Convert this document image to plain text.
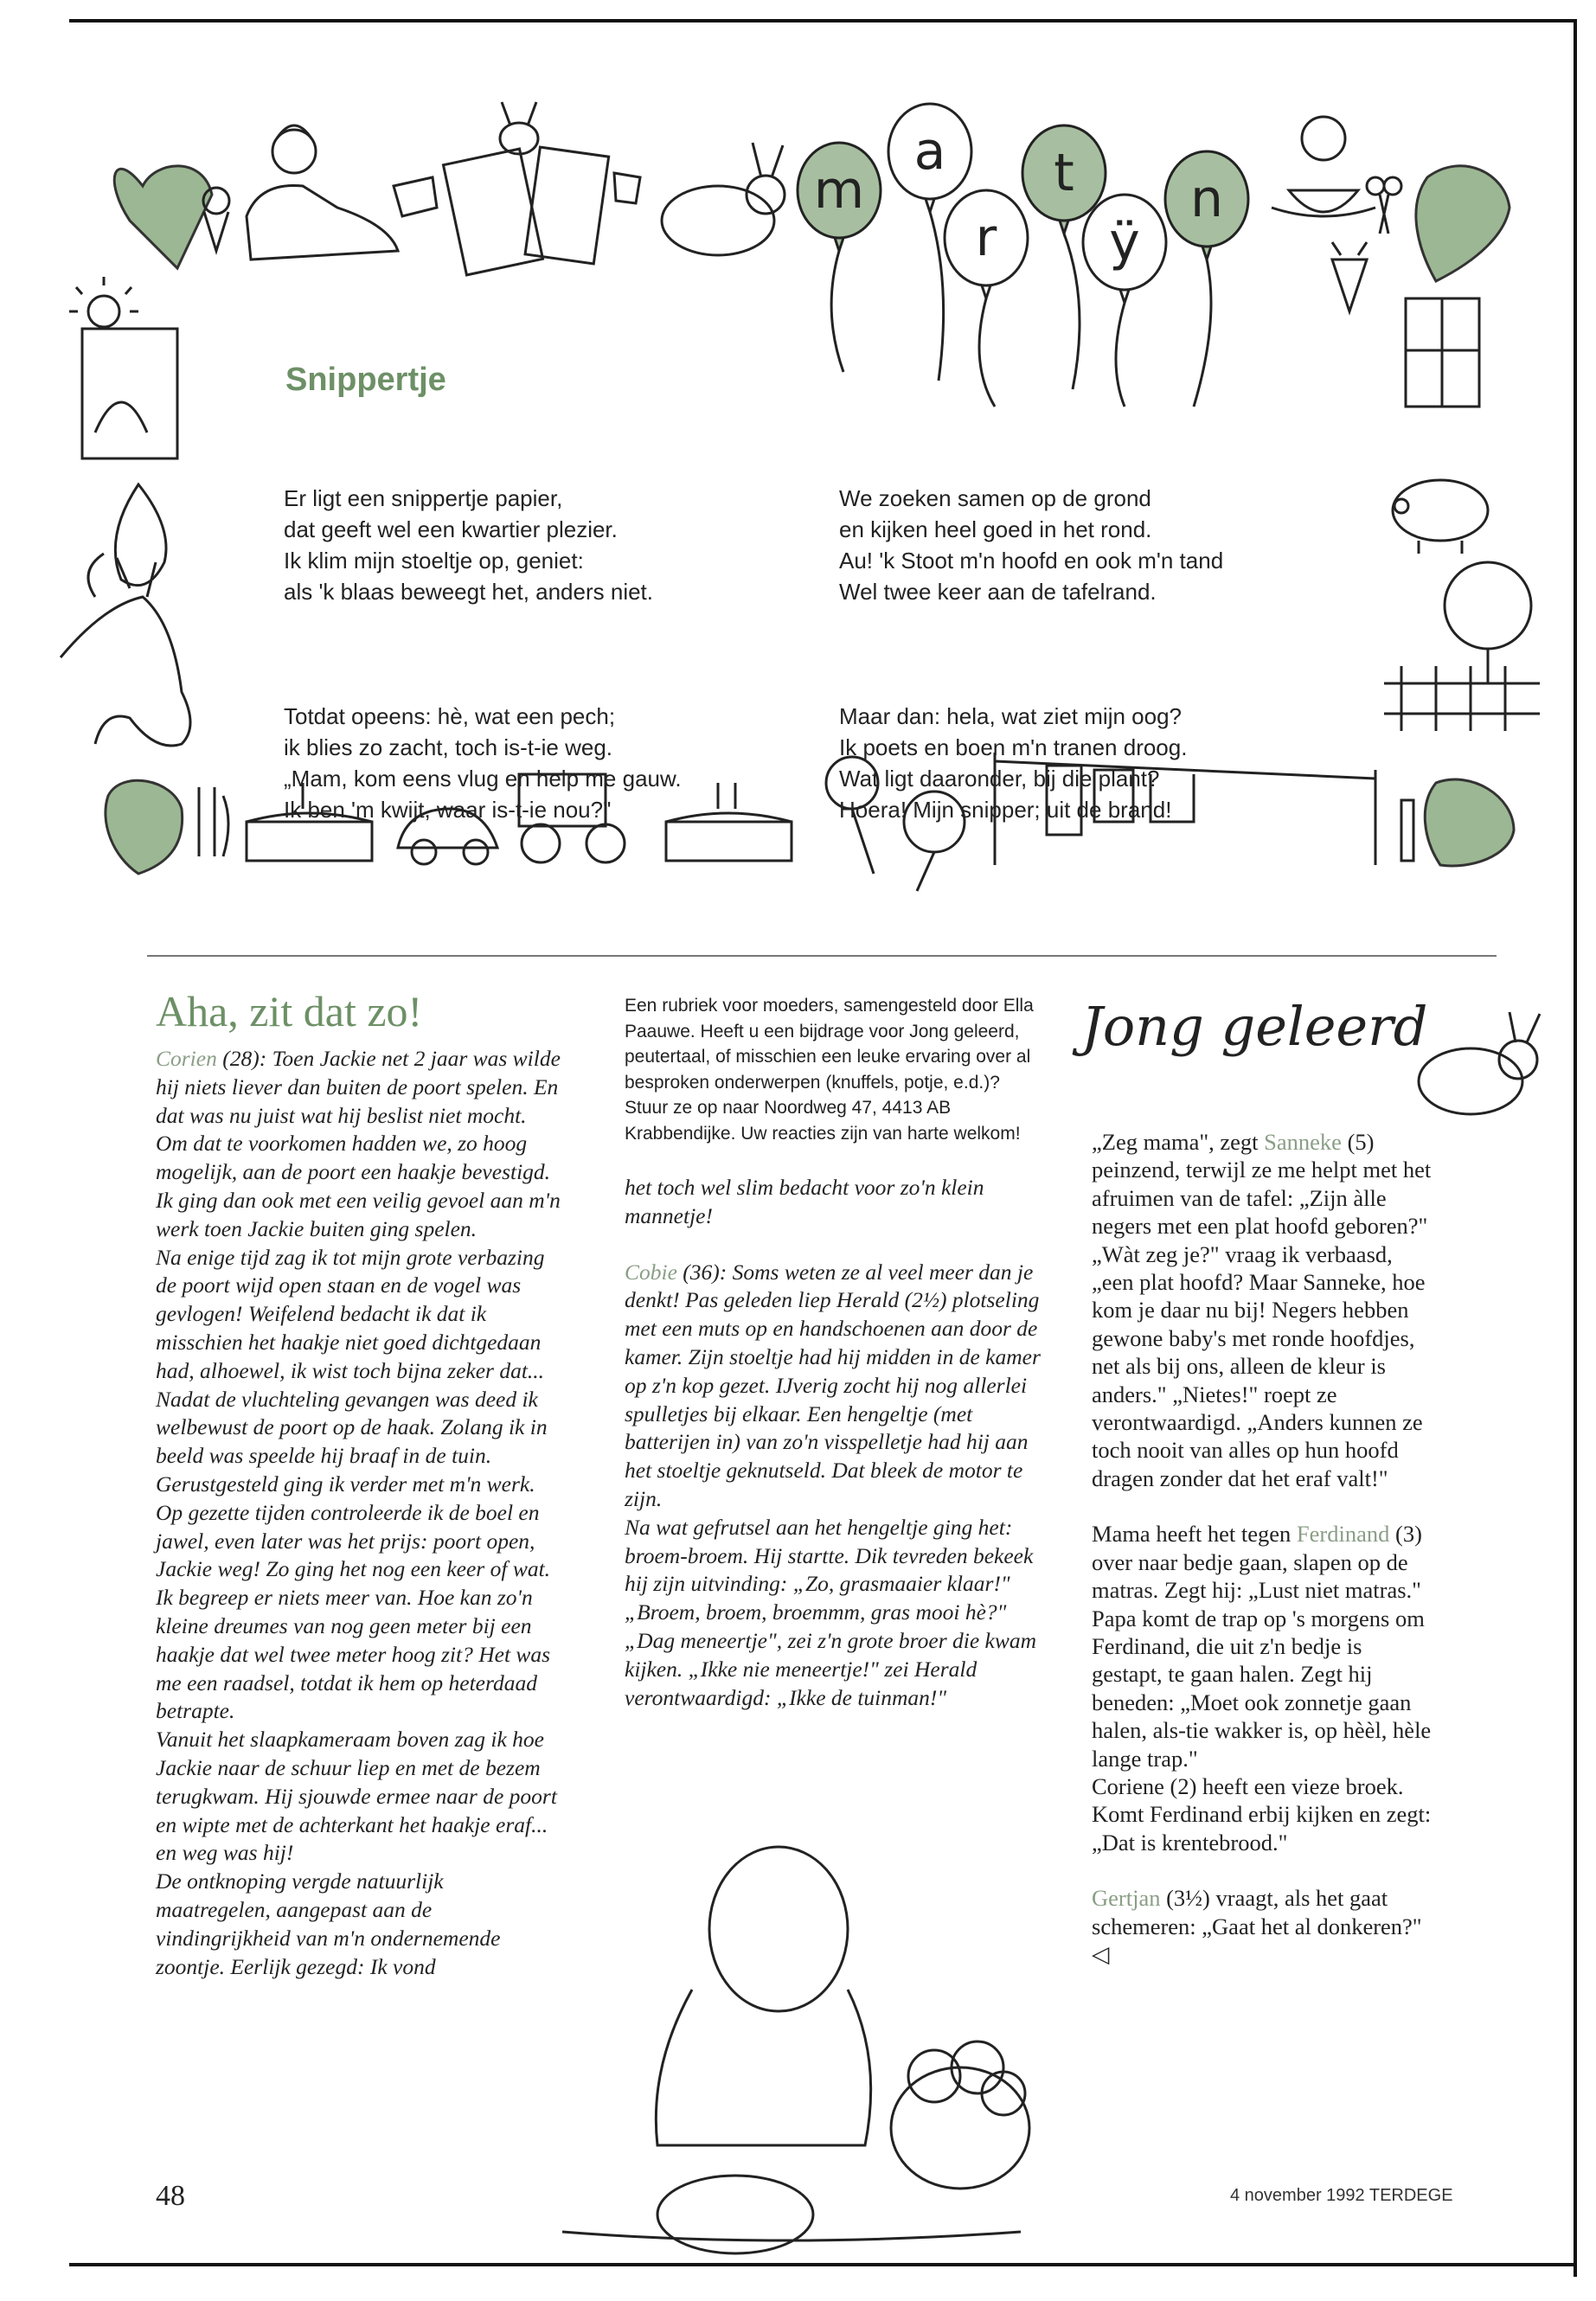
m
a
r
t
ÿ
n
Snippertje

Er ligt een snippertje papier,
dat geeft wel een kwartier plezier.
Ik klim mijn stoeltje op, geniet:
als 'k blaas beweegt het, anders niet.

Totdat opeens: hè, wat een pech;
ik blies zo zacht, toch is-t-ie weg.
„Mam, kom eens vlug en help me gauw.
Ik ben 'm kwijt, waar is-t-ie nou?"

We zoeken samen op de grond
en kijken heel goed in het rond.
Au! 'k Stoot m'n hoofd en ook m'n tand
Wel twee keer aan de tafelrand.

Maar dan: hela, wat ziet mijn oog?
Ik poets en boen m'n tranen droog.
Wat ligt daaronder, bij die plant?
Hoera! Mijn snipper; uit de brand!

Aha, zit dat zo!

Corien (28): Toen Jackie net 2 jaar was wilde hij niets liever dan buiten de poort spelen. En dat was nu juist wat hij beslist niet mocht. Om dat te voorkomen hadden we, zo hoog mogelijk, aan de poort een haakje bevestigd. Ik ging dan ook met een veilig gevoel aan m'n werk toen Jackie buiten ging spelen.

Na enige tijd zag ik tot mijn grote verbazing de poort wijd open staan en de vogel was gevlogen! Weifelend bedacht ik dat ik misschien het haakje niet goed dichtgedaan had, alhoewel, ik wist toch bijna zeker dat... Nadat de vluchteling gevangen was deed ik welbewust de poort op de haak. Zolang ik in beeld was speelde hij braaf in de tuin. Gerustgesteld ging ik verder met m'n werk. Op gezette tijden controleerde ik de boel en jawel, even later was het prijs: poort open, Jackie weg! Zo ging het nog een keer of wat. Ik begreep er niets meer van. Hoe kan zo'n kleine dreumes van nog geen meter bij een haakje dat wel twee meter hoog zit? Het was me een raadsel, totdat ik hem op heterdaad betrapte.

Vanuit het slaapkameraam boven zag ik hoe Jackie naar de schuur liep en met de bezem terugkwam. Hij sjouwde ermee naar de poort en wipte met de achterkant het haakje eraf... en weg was hij!

De ontknoping vergde natuurlijk maatregelen, aangepast aan de vindingrijkheid van m'n ondernemende zoontje. Eerlijk gezegd: Ik vond

Een rubriek voor moeders, samengesteld door Ella Paauwe. Heeft u een bijdrage voor Jong geleerd, peutertaal, of misschien een leuke ervaring over al besproken onderwerpen (knuffels, potje, e.d.)? Stuur ze op naar Noordweg 47, 4413 AB Krabbendijke. Uw reacties zijn van harte welkom!

het toch wel slim bedacht voor zo'n klein mannetje!

Cobie (36): Soms weten ze al veel meer dan je denkt! Pas geleden liep Herald (2½) plotseling met een muts op en handschoenen aan door de kamer. Zijn stoeltje had hij midden in de kamer op z'n kop gezet. IJverig zocht hij nog allerlei spulletjes bij elkaar. Een hengeltje (met batterijen in) van zo'n visspelletje had hij aan het stoeltje geknutseld. Dat bleek de motor te zijn.

Na wat gefrutsel aan het hengeltje ging het: broem-broem. Hij startte. Dik tevreden bekeek hij zijn uitvinding: „Zo, grasmaaier klaar!"

„Broem, broem, broemmm, gras mooi hè?"

„Dag meneertje", zei z'n grote broer die kwam kijken. „Ikke nie meneertje!" zei Herald verontwaardigd: „Ikke de tuinman!"

Jong geleerd

„Zeg mama", zegt Sanneke (5) peinzend, terwijl ze me helpt met het afruimen van de tafel: „Zijn àlle negers met een plat hoofd geboren?"

„Wàt zeg je?" vraag ik verbaasd, „een plat hoofd? Maar Sanneke, hoe kom je daar nu bij! Negers hebben gewone baby's met ronde hoofdjes, net als bij ons, alleen de kleur is anders." „Nietes!" roept ze verontwaardigd. „Anders kunnen ze toch nooit van alles op hun hoofd dragen zonder dat het eraf valt!"

Mama heeft het tegen Ferdinand (3) over naar bedje gaan, slapen op de matras. Zegt hij: „Lust niet matras."

Papa komt de trap op 's morgens om Ferdinand, die uit z'n bedje is gestapt, te gaan halen. Zegt hij beneden: „Moet ook zonnetje gaan halen, als-tie wakker is, op hèèl, hèle lange trap."

Coriene (2) heeft een vieze broek. Komt Ferdinand erbij kijken en zegt: „Dat is krentebrood."

Gertjan (3½) vraagt, als het gaat schemeren: „Gaat het al donkeren?" ◁

48	4 november 1992 TERDEGE
